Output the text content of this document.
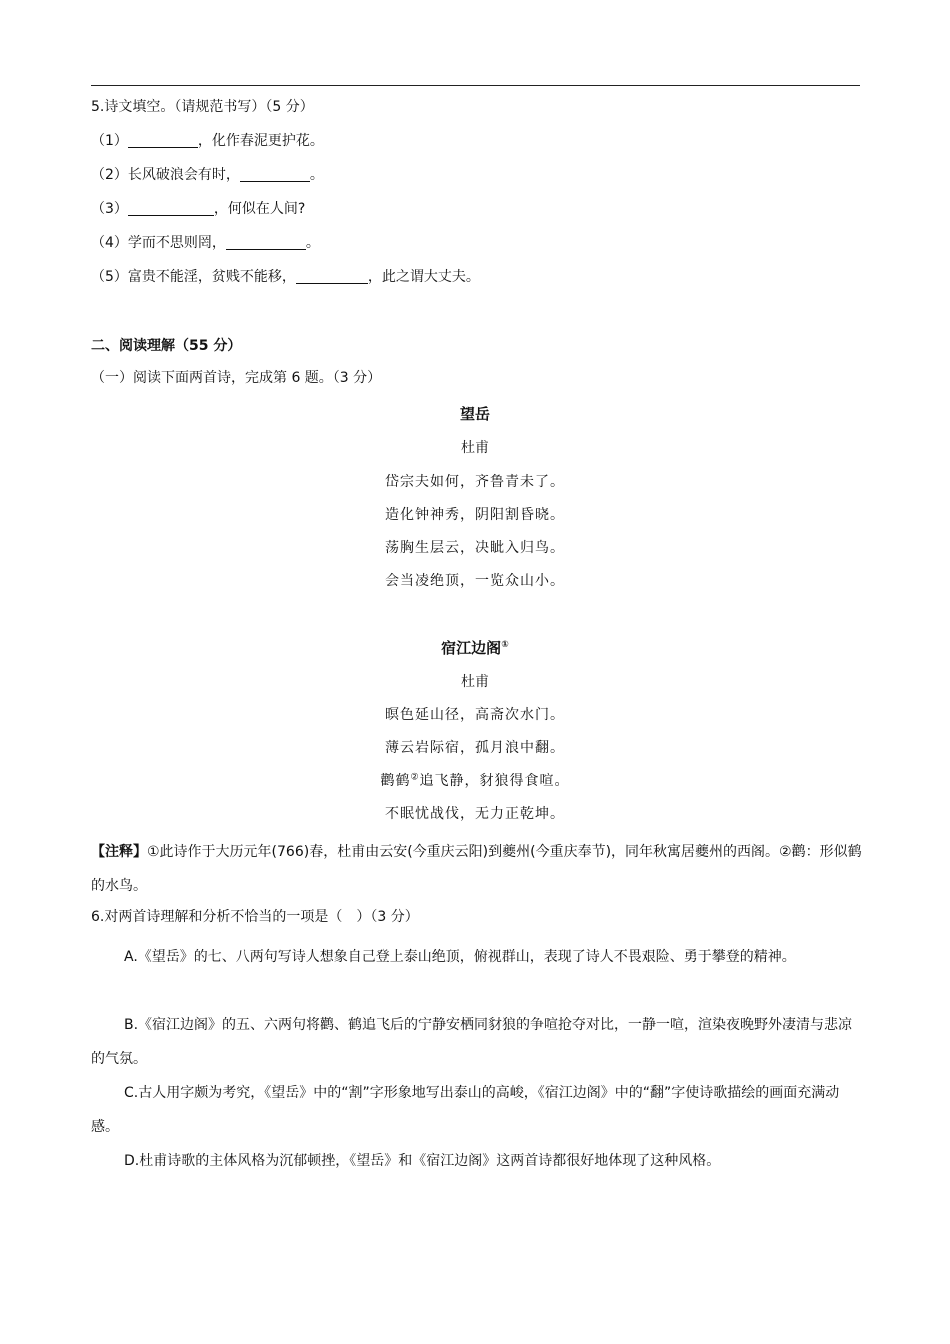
5.诗文填空。（请规范书写）（5 分）
（1）	，化作春泥更护花。
（2）长风破浪会有时，	。
（3）	，何似在人间?
（4）学而不思则罔，	。
（5）富贵不能淫，贫贱不能移，	，此之谓大丈夫。
二、阅读理解（55 分）
（一）阅读下面两首诗，完成第 6 题。（3 分）
望岳
杜甫
岱宗夫如何，齐鲁青未了。
造化钟神秀，阴阳割昏晓。
荡胸生层云，决眦入归鸟。
会当凌绝顶，一览众山小。
宿江边阁①
杜甫
暝色延山径，高斋次水门。
薄云岩际宿，孤月浪中翻。
鹳鹤②追飞静，豺狼得食喧。
不眠忧战伐，无力正乾坤。
【注释】①此诗作于大历元年(766)春，杜甫由云安(今重庆云阳)到夔州(今重庆奉节)，同年秋寓居夔州的西阁。②鹳：形似鹤的水鸟。
6.对两首诗理解和分析不恰当的一项是（　）（3 分）
A.《望岳》的七、八两句写诗人想象自己登上泰山绝顶，俯视群山，表现了诗人不畏艰险、勇于攀登的精神。
B.《宿江边阁》的五、六两句将鹳、鹤追飞后的宁静安栖同豺狼的争喧抢夺对比，一静一喧，渲染夜晚野外凄清与悲凉的气氛。
C.古人用字颇为考究，《望岳》中的“割”字形象地写出泰山的高峻，《宿江边阁》中的“翻”字使诗歌描绘的画面充满动感。
D.杜甫诗歌的主体风格为沉郁顿挫，《望岳》和《宿江边阁》这两首诗都很好地体现了这种风格。
